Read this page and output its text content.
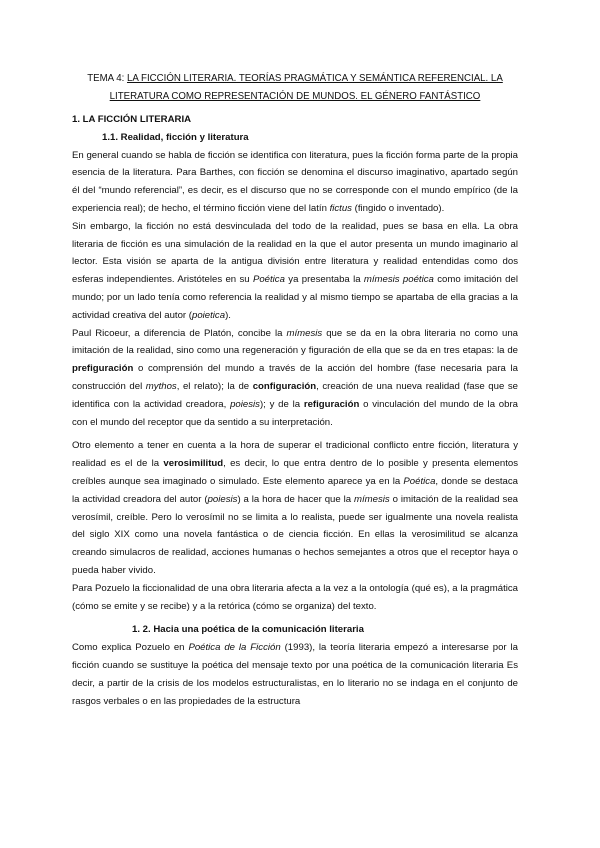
TEMA 4: LA FICCIÓN LITERARIA. TEORÍAS PRAGMÁTICA Y SEMÁNTICA REFERENCIAL. LA LITERATURA COMO REPRESENTACIÓN DE MUNDOS. EL GÉNERO FANTÁSTICO

1. LA FICCIÓN LITERARIA

1.1. Realidad, ficción y literatura

En general cuando se habla de ficción se identifica con literatura, pues la ficción forma parte de la propia esencia de la literatura. Para Barthes, con ficción se denomina el discurso imaginativo, apartado según él del “mundo referencial”, es decir, es el discurso que no se corresponde con el mundo empírico (de la experiencia real); de hecho, el término ficción viene del latín fictus (fingido o inventado).

Sin embargo, la ficción no está desvinculada del todo de la realidad, pues se basa en ella. La obra literaria de ficción es una simulación de la realidad en la que el autor presenta un mundo imaginario al lector. Esta visión se aparta de la antigua división entre literatura y realidad entendidas como dos esferas independientes. Aristóteles en su Poética ya presentaba la mímesis poética como imitación del mundo; por un lado tenía como referencia la realidad y al mismo tiempo se apartaba de ella gracias a la actividad creativa del autor (poietica).

Paul Ricoeur, a diferencia de Platón, concibe la mímesis que se da en la obra literaria no como una imitación de la realidad, sino como una regeneración y figuración de ella que se da en tres etapas: la de prefiguración o comprensión del mundo a través de la acción del hombre (fase necesaria para la construcción del mythos, el relato); la de configuración, creación de una nueva realidad (fase que se identifica con la actividad creadora, poiesis); y de la refiguración o vinculación del mundo de la obra con el mundo del receptor que da sentido a su interpretación.

Otro elemento a tener en cuenta a la hora de superar el tradicional conflicto entre ficción, literatura y realidad es el de la verosimilitud, es decir, lo que entra dentro de lo posible y presenta elementos creíbles aunque sea imaginado o simulado. Este elemento aparece ya en la Poética, donde se destaca la actividad creadora del autor (poiesis) a la hora de hacer que la mímesis o imitación de la realidad sea verosímil, creíble. Pero lo verosímil no se limita a lo realista, puede ser igualmente una novela realista del siglo XIX como una novela fantástica o de ciencia ficción. En ellas la verosimilitud se alcanza creando simulacros de realidad, acciones humanas o hechos semejantes a otros que el receptor haya o pueda haber vivido.

Para Pozuelo la ficcionalidad de una obra literaria afecta a la vez a la ontología (qué es), a la pragmática (cómo se emite y se recibe) y a la retórica (cómo se organiza) del texto.

1. 2. Hacia una poética de la comunicación literaria

Como explica Pozuelo en Poética de la Ficción (1993), la teoría literaria empezó a interesarse por la ficción cuando se sustituye la poética del mensaje texto por una poética de la comunicación literaria Es decir, a partir de la crisis de los modelos estructuralistas, en lo literario no se indaga en el conjunto de rasgos verbales o en las propiedades de la estructura
